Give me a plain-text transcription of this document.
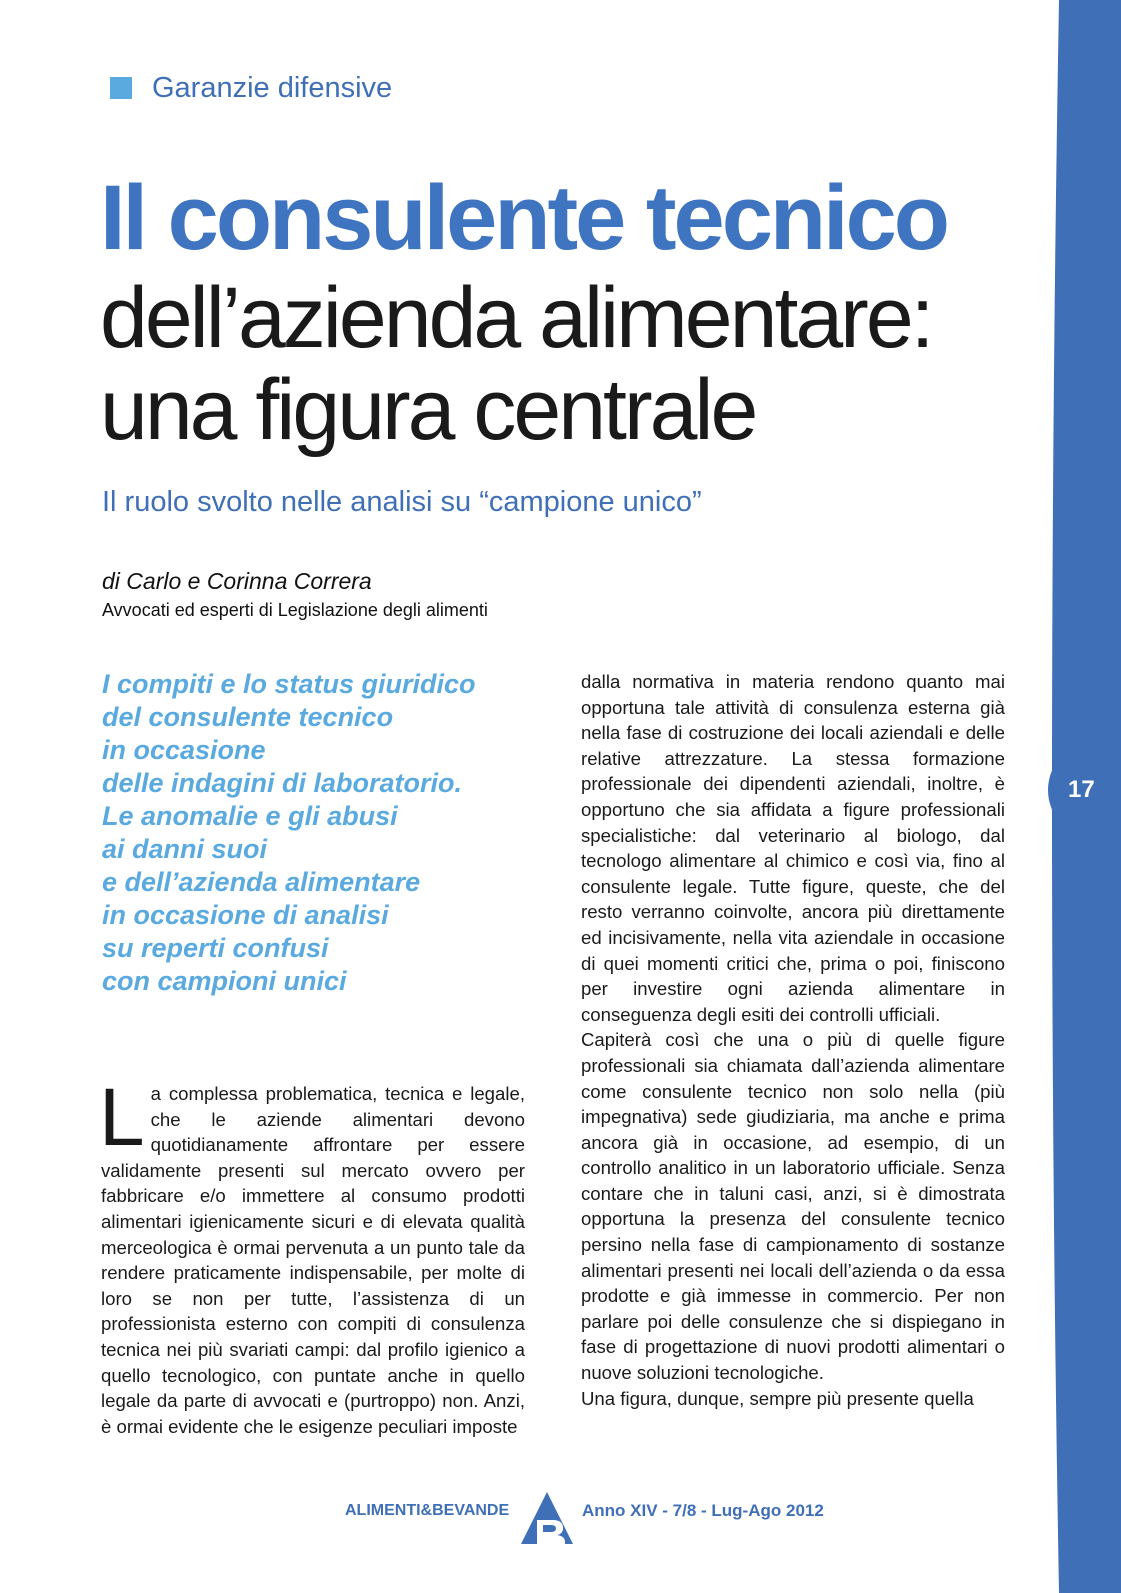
17
Garanzie difensive
Il consulente tecnico
dell’azienda alimentare:
una figura centrale
Il ruolo svolto nelle analisi su “campione unico”
di Carlo e Corinna Correra
Avvocati ed esperti di Legislazione degli alimenti
I compiti e lo status giuridico
del consulente tecnico
in occasione
delle indagini di laboratorio.
Le anomalie e gli abusi
ai danni suoi
e dell’azienda alimentare
in occasione di analisi
su reperti confusi
con campioni unici

La complessa problematica, tecnica e legale, che le aziende alimentari devono quotidianamente affrontare per essere validamente presenti sul mercato ovvero per fabbricare e/o immettere al consumo prodotti alimentari igienicamente sicuri e di elevata qualità merceologica è ormai pervenuta a un punto tale da rendere praticamente indispensabile, per molte di loro se non per tutte, l’assistenza di un professionista esterno con compiti di consulenza tecnica nei più svariati campi: dal profilo igienico a quello tecnologico, con puntate anche in quello legale da parte di avvocati e (purtroppo) non. Anzi, è ormai evidente che le esigenze peculiari imposte

dalla normativa in materia rendono quanto mai opportuna tale attività di consulenza esterna già nella fase di costruzione dei locali aziendali e delle relative attrezzature. La stessa formazione professionale dei dipendenti aziendali, inoltre, è opportuno che sia affidata a figure professionali specialistiche: dal veterinario al biologo, dal tecnologo alimentare al chimico e così via, fino al consulente legale. Tutte figure, queste, che del resto verranno coinvolte, ancora più direttamente ed incisivamente, nella vita aziendale in occasione di quei momenti critici che, prima o poi, finiscono per investire ogni azienda alimentare in conseguenza degli esiti dei controlli ufficiali.

Capiterà così che una o più di quelle figure professionali sia chiamata dall’azienda alimentare come consulente tecnico non solo nella (più impegnativa) sede giudiziaria, ma anche e prima ancora già in occasione, ad esempio, di un controllo analitico in un laboratorio ufficiale. Senza contare che in taluni casi, anzi, si è dimostrata opportuna la presenza del consulente tecnico persino nella fase di campionamento di sostanze alimentari presenti nei locali dell’azienda o da essa prodotte e già immesse in commercio. Per non parlare poi delle consulenze che si dispiegano in fase di progettazione di nuovi prodotti alimentari o nuove soluzioni tecnologiche.

Una figura, dunque, sempre più presente quella

ALIMENTI&BEVANDE	Anno XIV - 7/8 - Lug-Ago 2012
